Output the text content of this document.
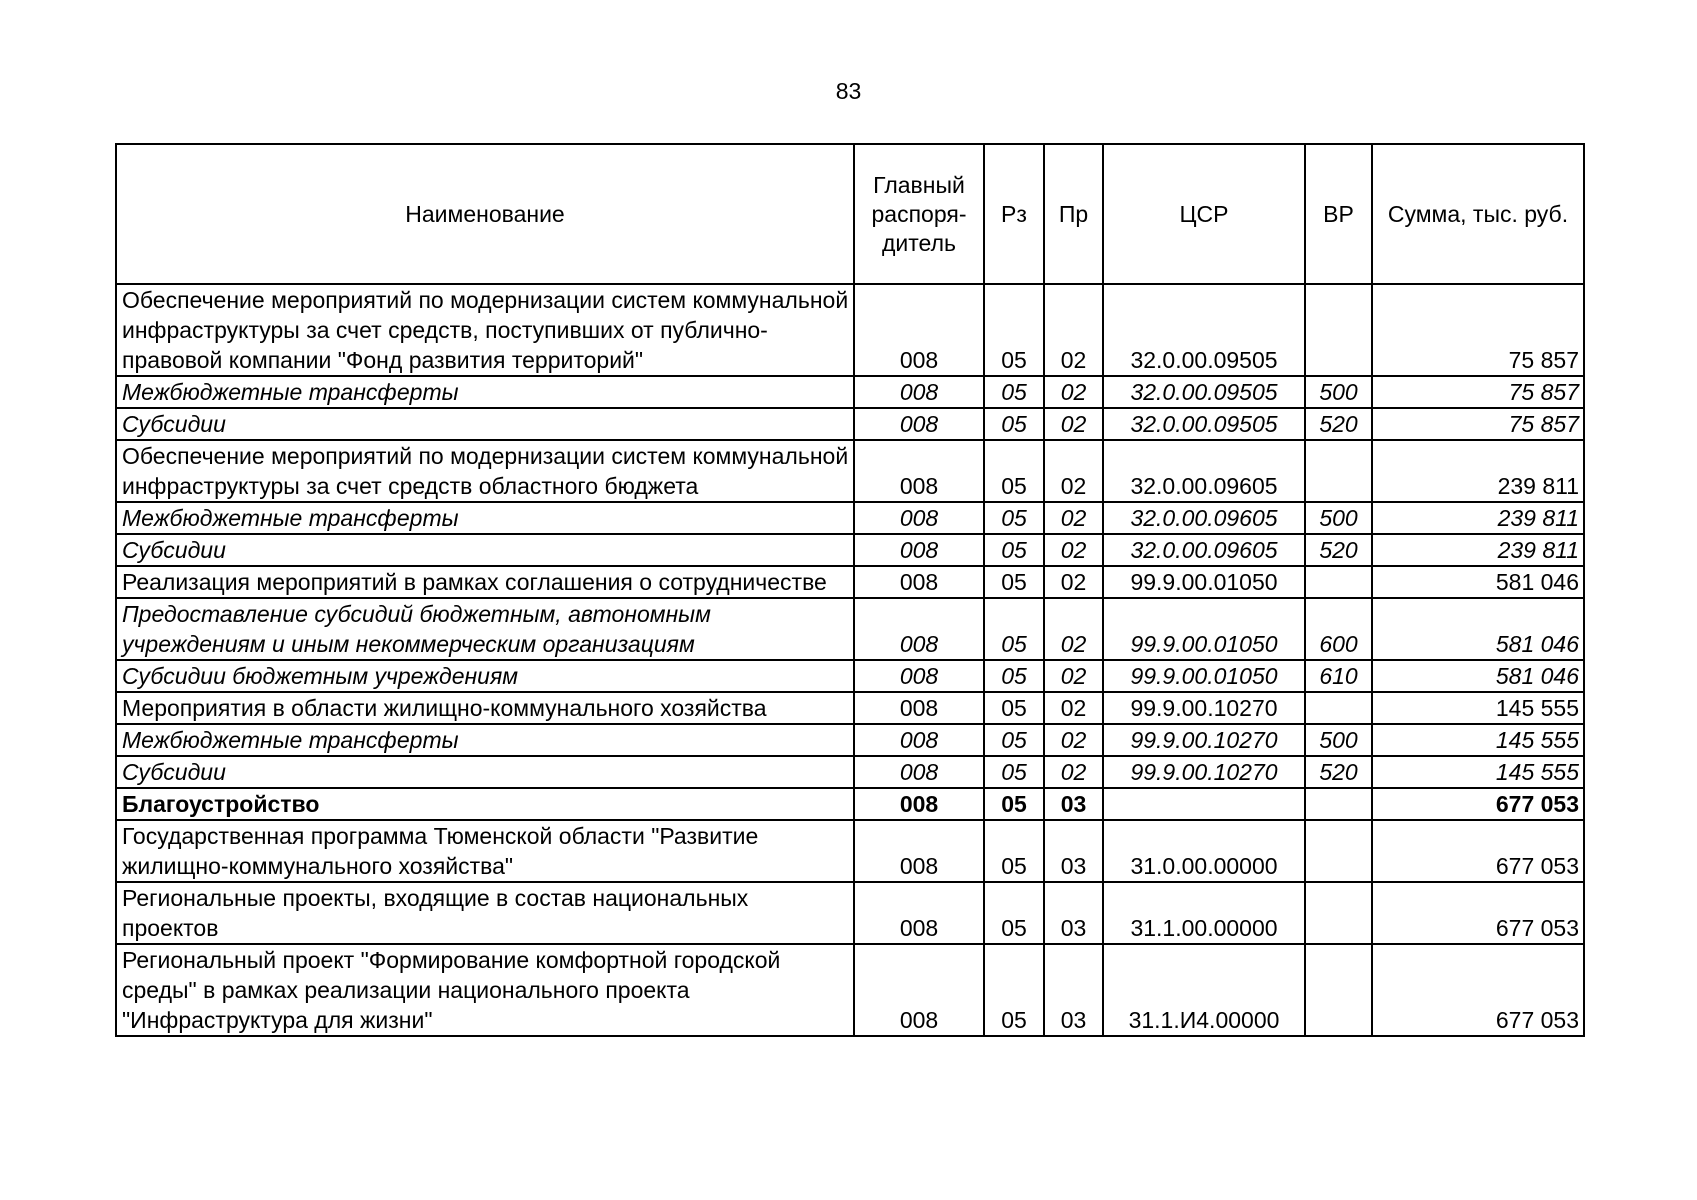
83
Наименование	Главный распоря-дитель	Рз	Пр	ЦСР	ВР	Сумма, тыс. руб.
Обеспечение мероприятий по модернизации систем коммунальной инфраструктуры за счет средств, поступивших от публично-правовой компании "Фонд развития территорий"	008	05	02	32.0.00.09505		75 857
Межбюджетные трансферты	008	05	02	32.0.00.09505	500	75 857
Субсидии	008	05	02	32.0.00.09505	520	75 857
Обеспечение мероприятий по модернизации систем коммунальной инфраструктуры за счет средств областного бюджета	008	05	02	32.0.00.09605		239 811
Межбюджетные трансферты	008	05	02	32.0.00.09605	500	239 811
Субсидии	008	05	02	32.0.00.09605	520	239 811
Реализация мероприятий в рамках соглашения о сотрудничестве	008	05	02	99.9.00.01050		581 046
Предоставление субсидий бюджетным, автономным учреждениям и иным некоммерческим организациям	008	05	02	99.9.00.01050	600	581 046
Субсидии бюджетным учреждениям	008	05	02	99.9.00.01050	610	581 046
Мероприятия в области жилищно-коммунального хозяйства	008	05	02	99.9.00.10270		145 555
Межбюджетные трансферты	008	05	02	99.9.00.10270	500	145 555
Субсидии	008	05	02	99.9.00.10270	520	145 555
Благоустройство	008	05	03			677 053
Государственная программа Тюменской области "Развитие жилищно-коммунального хозяйства"	008	05	03	31.0.00.00000		677 053
Региональные проекты, входящие в состав национальных проектов	008	05	03	31.1.00.00000		677 053
Региональный проект "Формирование комфортной городской среды" в рамках реализации национального проекта "Инфраструктура для жизни"	008	05	03	31.1.И4.00000		677 053
